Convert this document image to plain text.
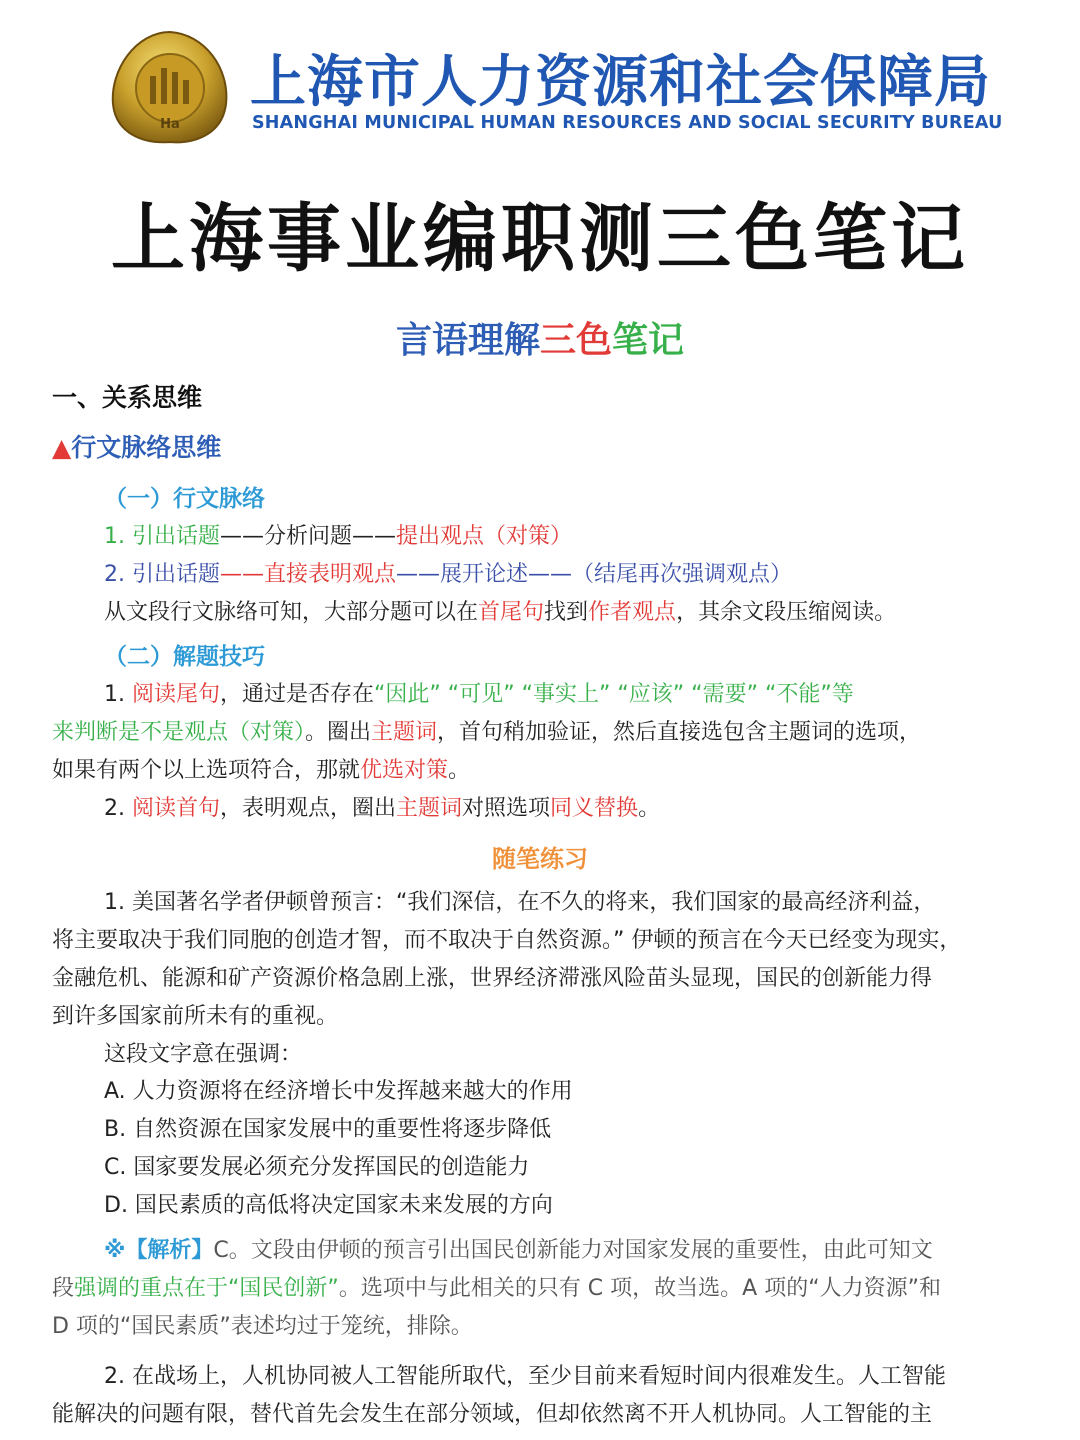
Ha
上海市人力资源和社会保障局
SHANGHAI MUNICIPAL HUMAN RESOURCES AND SOCIAL SECURITY BUREAU
上海事业编职测三色笔记
言语理解三色笔记
一、关系思维
▲行文脉络思维
（一）行文脉络
1. 引出话题——分析问题——提出观点（对策）
2. 引出话题——直接表明观点——展开论述——（结尾再次强调观点）
从文段行文脉络可知，大部分题可以在首尾句找到作者观点，其余文段压缩阅读。
（二）解题技巧
1. 阅读尾句，通过是否存在“因此” “可见” “事实上” “应该” “需要” “不能”等
来判断是不是观点（对策）。圈出主题词，首句稍加验证，然后直接选包含主题词的选项，
如果有两个以上选项符合，那就优选对策。
2. 阅读首句，表明观点，圈出主题词对照选项同义替换。
随笔练习
1. 美国著名学者伊顿曾预言：“我们深信，在不久的将来，我们国家的最高经济利益，
将主要取决于我们同胞的创造才智，而不取决于自然资源。” 伊顿的预言在今天已经变为现实，
金融危机、能源和矿产资源价格急剧上涨，世界经济滞涨风险苗头显现，国民的创新能力得
到许多国家前所未有的重视。
这段文字意在强调：
A. 人力资源将在经济增长中发挥越来越大的作用
B. 自然资源在国家发展中的重要性将逐步降低
C. 国家要发展必须充分发挥国民的创造能力
D. 国民素质的高低将决定国家未来发展的方向
※【解析】C。文段由伊顿的预言引出国民创新能力对国家发展的重要性，由此可知文
段强调的重点在于“国民创新”。选项中与此相关的只有 C 项，故当选。A 项的“人力资源”和
D 项的“国民素质”表述均过于笼统，排除。
2. 在战场上，人机协同被人工智能所取代，至少目前来看短时间内很难发生。人工智能
能解决的问题有限，替代首先会发生在部分领域，但却依然离不开人机协同。人工智能的主
